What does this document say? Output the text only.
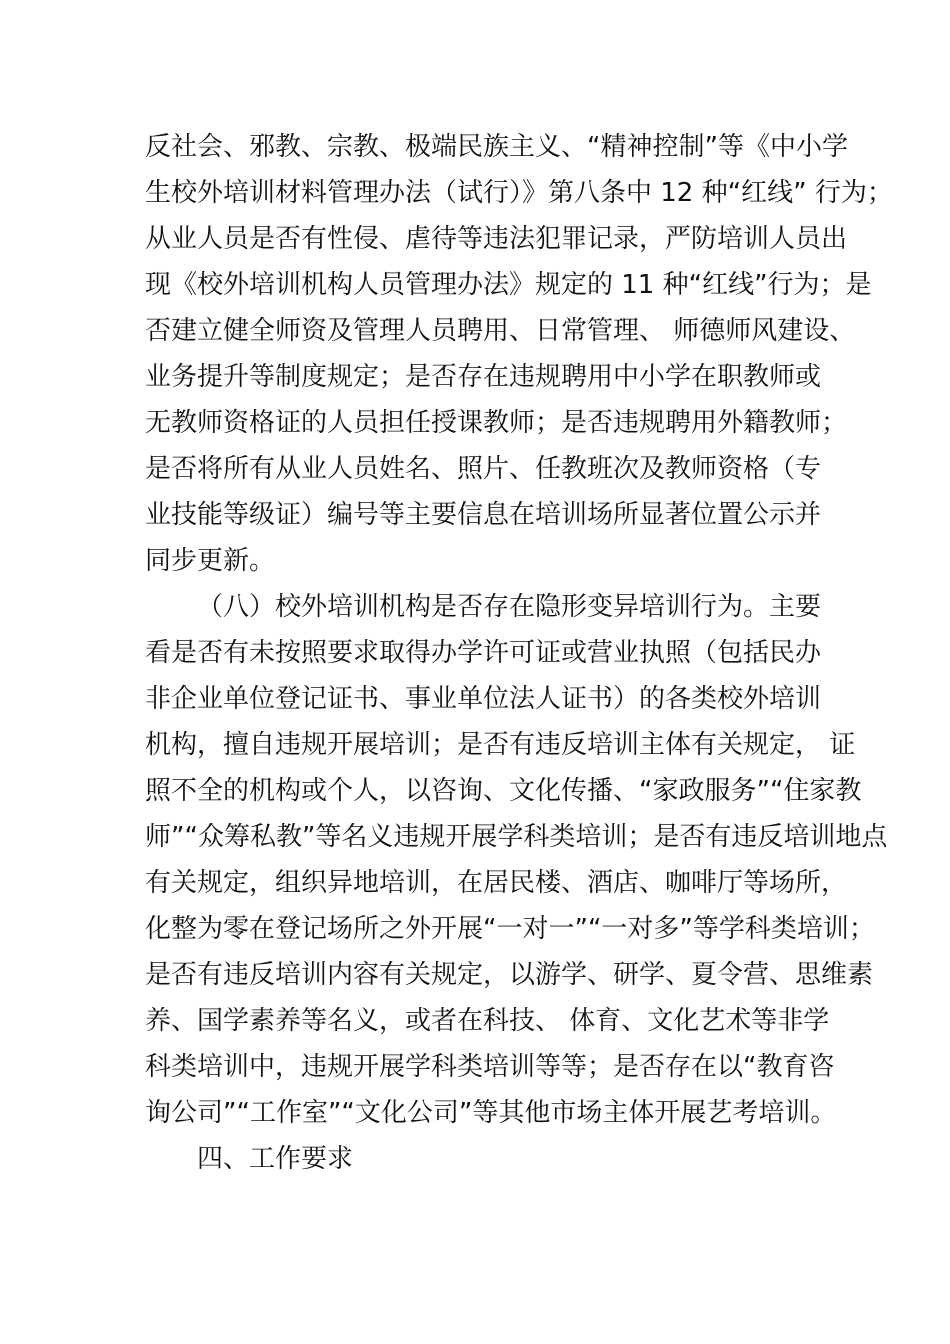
反社会、邪教、宗教、极端民族主义、“精神控制”等《中小学
生校外培训材料管理办法（试行）》第八条中 12 种“红线” 行为；
从业人员是否有性侵、虐待等违法犯罪记录，严防培训人员出
现《校外培训机构人员管理办法》规定的 11 种“红线”行为；是
否建立健全师资及管理人员聘用、日常管理、 师德师风建设、
业务提升等制度规定；是否存在违规聘用中小学在职教师或
无教师资格证的人员担任授课教师；是否违规聘用外籍教师；
是否将所有从业人员姓名、照片、任教班次及教师资格（专
业技能等级证）编号等主要信息在培训场所显著位置公示并
同步更新。
（八）校外培训机构是否存在隐形变异培训行为。主要
看是否有未按照要求取得办学许可证或营业执照（包括民办
非企业单位登记证书、事业单位法人证书）的各类校外培训
机构，擅自违规开展培训；是否有违反培训主体有关规定， 证
照不全的机构或个人，以咨询、文化传播、“家政服务”“住家教
师”“众筹私教”等名义违规开展学科类培训；是否有违反培训地点
有关规定，组织异地培训，在居民楼、酒店、咖啡厅等场所，
化整为零在登记场所之外开展“一对一”“一对多”等学科类培训；
是否有违反培训内容有关规定，以游学、研学、夏令营、思维素
养、国学素养等名义，或者在科技、 体育、文化艺术等非学
科类培训中，违规开展学科类培训等等；是否存在以“教育咨
询公司”“工作室”“文化公司”等其他市场主体开展艺考培训。
四、工作要求
